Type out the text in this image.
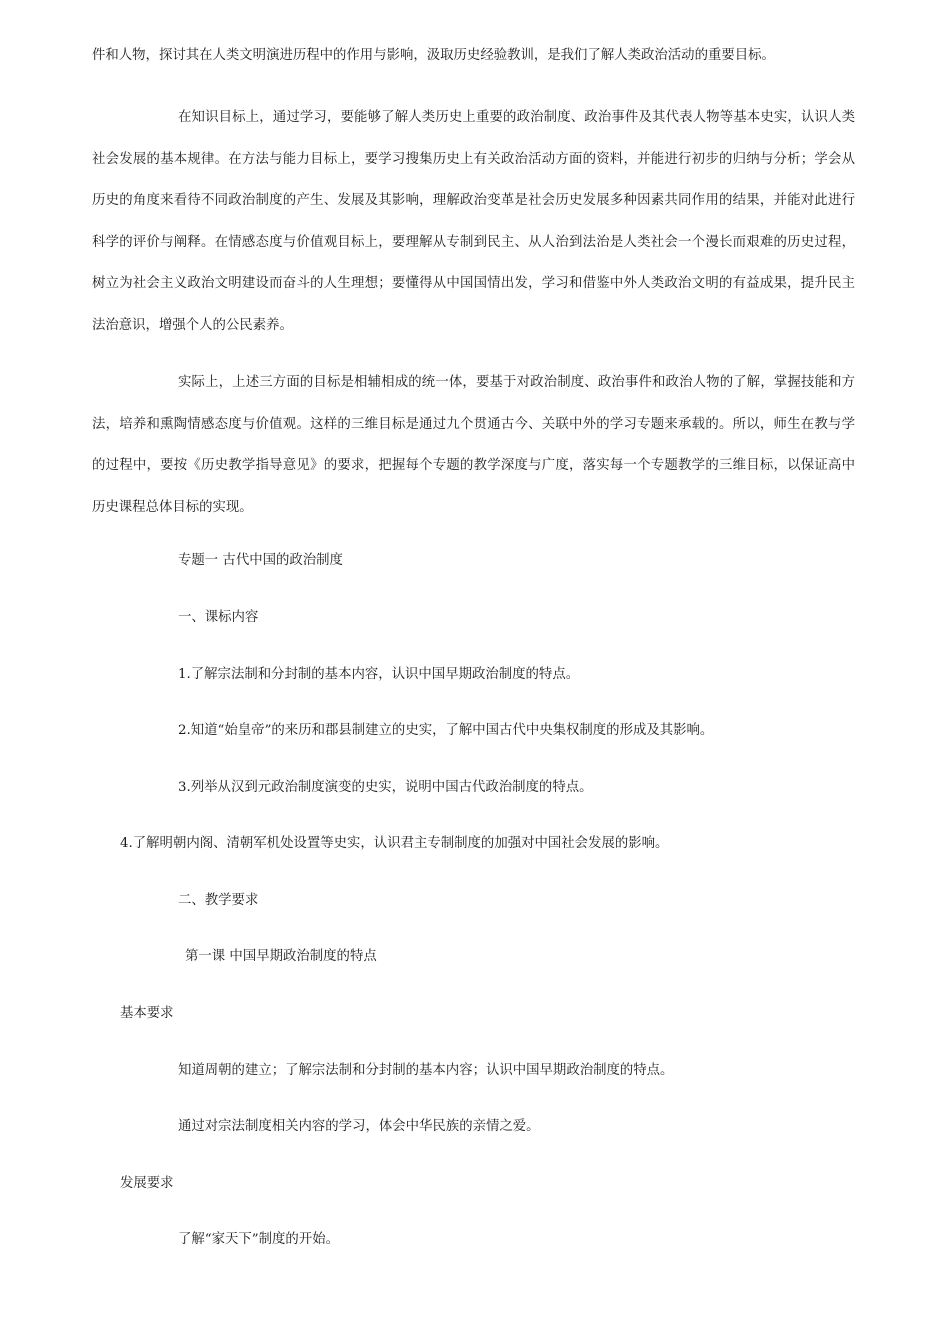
件和人物，探讨其在人类文明演进历程中的作用与影响，汲取历史经验教训，是我们了解人类政治活动的重要目标。

在知识目标上，通过学习，要能够了解人类历史上重要的政治制度、政治事件及其代表人物等基本史实，认识人类社会发展的基本规律。在方法与能力目标上，要学习搜集历史上有关政治活动方面的资料，并能进行初步的归纳与分析；学会从历史的角度来看待不同政治制度的产生、发展及其影响，理解政治变革是社会历史发展多种因素共同作用的结果，并能对此进行科学的评价与阐释。在情感态度与价值观目标上，要理解从专制到民主、从人治到法治是人类社会一个漫长而艰难的历史过程，树立为社会主义政治文明建设而奋斗的人生理想；要懂得从中国国情出发，学习和借鉴中外人类政治文明的有益成果，提升民主法治意识，增强个人的公民素养。

实际上，上述三方面的目标是相辅相成的统一体，要基于对政治制度、政治事件和政治人物的了解，掌握技能和方法，培养和熏陶情感态度与价值观。这样的三维目标是通过九个贯通古今、关联中外的学习专题来承载的。所以，师生在教与学的过程中，要按《历史教学指导意见》的要求，把握每个专题的教学深度与广度，落实每一个专题教学的三维目标，以保证高中历史课程总体目标的实现。

专题一 古代中国的政治制度

一、课标内容

1.了解宗法制和分封制的基本内容，认识中国早期政治制度的特点。

2.知道“始皇帝”的来历和郡县制建立的史实，了解中国古代中央集权制度的形成及其影响。

3.列举从汉到元政治制度演变的史实，说明中国古代政治制度的特点。

4.了解明朝内阁、清朝军机处设置等史实，认识君主专制制度的加强对中国社会发展的影响。

二、教学要求

第一课 中国早期政治制度的特点

基本要求

知道周朝的建立；了解宗法制和分封制的基本内容；认识中国早期政治制度的特点。

通过对宗法制度相关内容的学习，体会中华民族的亲情之爱。

发展要求

了解“家天下”制度的开始。
